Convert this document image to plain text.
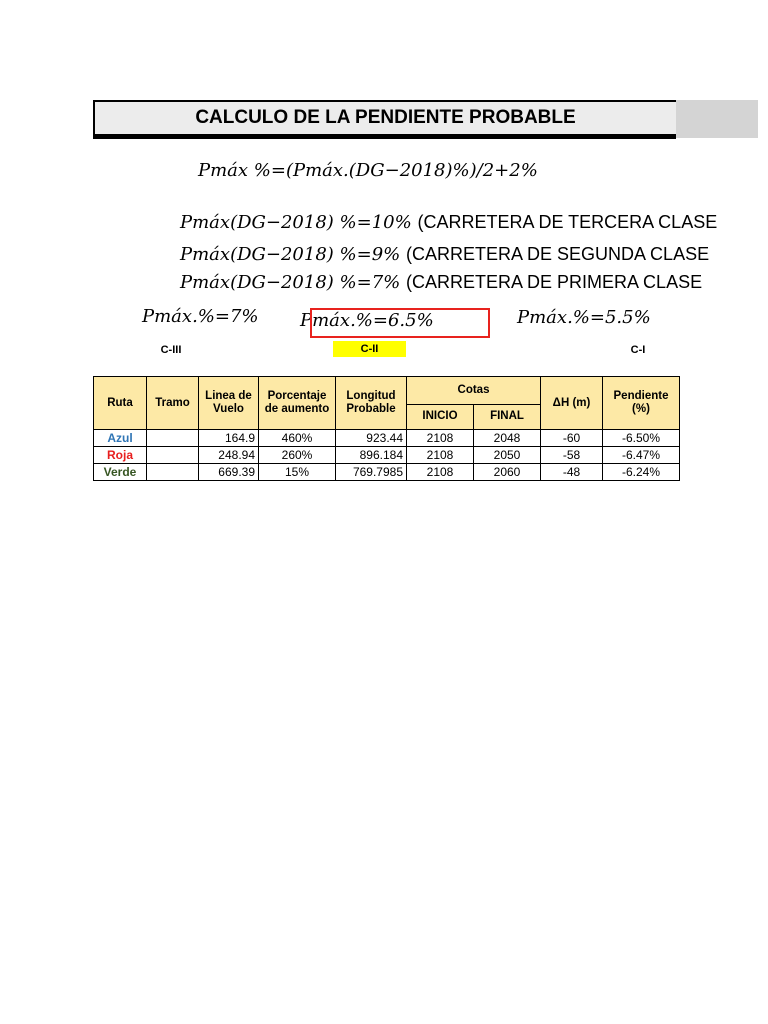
CALCULO DE LA PENDIENTE PROBABLE
Pmáx %=(Pmáx.(DG−2018)%)/2+2%
Pmáx(DG−2018) %=10% (CARRETERA DE TERCERA CLASE
Pmáx(DG−2018) %=9% (CARRETERA DE SEGUNDA CLASE
Pmáx(DG−2018) %=7% (CARRETERA DE PRIMERA CLASE
Pmáx.%=7% Pmáx.%=6.5%	Pmáx.%=5.5%
C-III	C-II	C-I
Ruta	Tramo	Linea de Vuelo	Porcentaje de aumento	Longitud Probable	Cotas		ΔH (m)	Pendiente (%)
					INICIO	FINAL		
Azul		164.9	460%	923.44	2108	2048	-60	-6.50%
Roja		248.94	260%	896.184	2108	2050	-58	-6.47%
Verde		669.39	15%	769.7985	2108	2060	-48	-6.24%
